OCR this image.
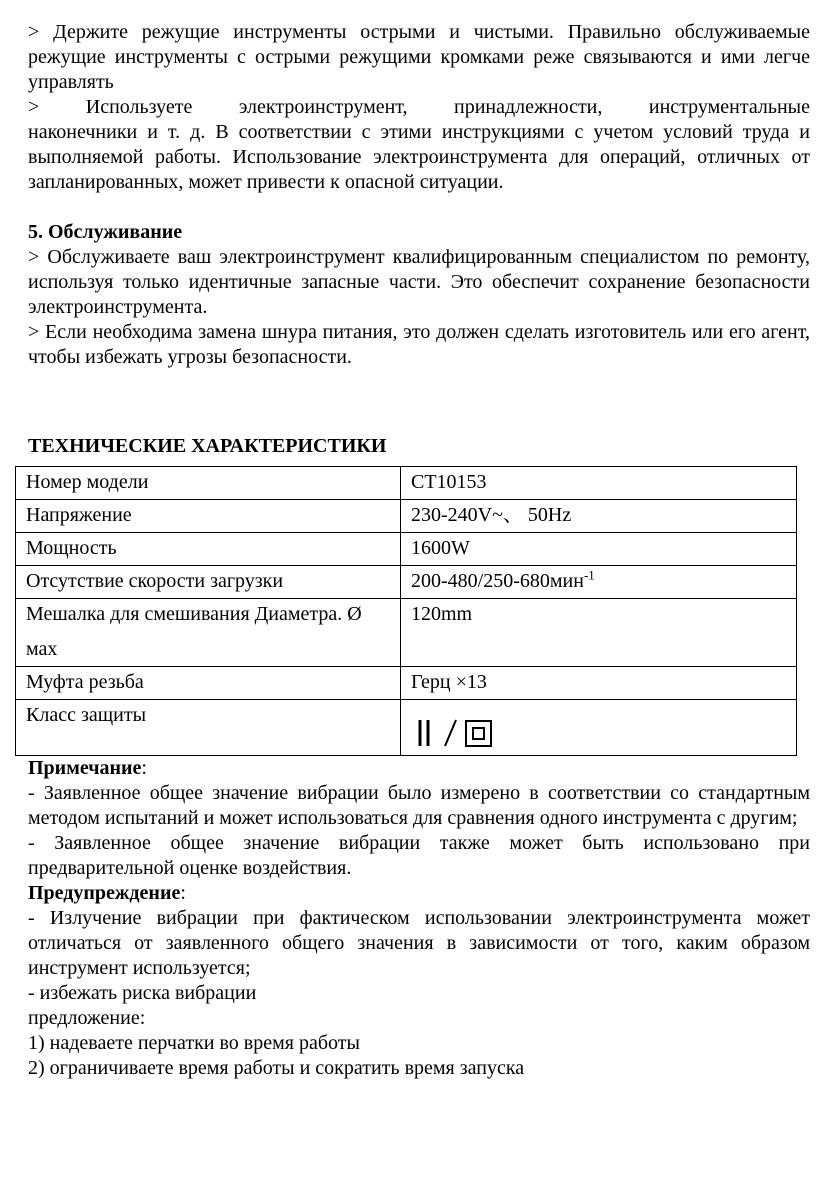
> Держите режущие инструменты острыми и чистыми. Правильно обслуживаемые режущие инструменты с острыми режущими кромками реже связываются и ими легче управлять

> Используете электроинструмент, принадлежности, инструментальные
наконечники и т. д. В соответствии с этими инструкциями с учетом условий труда и выполняемой работы. Использование электроинструмента для операций, отличных от запланированных, может привести к опасной ситуации.

5. Обслуживание

> Обслуживаете ваш электроинструмент квалифицированным специалистом по ремонту, используя только идентичные запасные части. Это обеспечит сохранение безопасности электроинструмента.

> Если необходима замена шнура питания, это должен сделать изготовитель или его агент, чтобы избежать угрозы безопасности.

ТЕХНИЧЕСКИЕ ХАРАКТЕРИСТИКИ

Номер модели	CT10153
Напряжение	230-240V~、 50Hz
Мощность	1600W
Отсутствие скорости загрузки	200-480/250-680мин$^{-1}$
Мешалка для смешивания Диаметра. Ø
мах	120mm
Муфта резьба	Герц ×13
Класс защиты	

Примечание:

- Заявленное общее значение вибрации было измерено в соответствии со стандартным методом испытаний и может использоваться для сравнения одного инструмента с другим;

- Заявленное общее значение вибрации также может быть использовано при предварительной оценке воздействия.

Предупреждение:

- Излучение вибрации при фактическом использовании электроинструмента может отличаться от заявленного общего значения в зависимости от того, каким образом инструмент используется;

- избежать риска вибрации

предложение:

1) надеваете перчатки во время работы

2) ограничиваете время работы и сократить время запуска
